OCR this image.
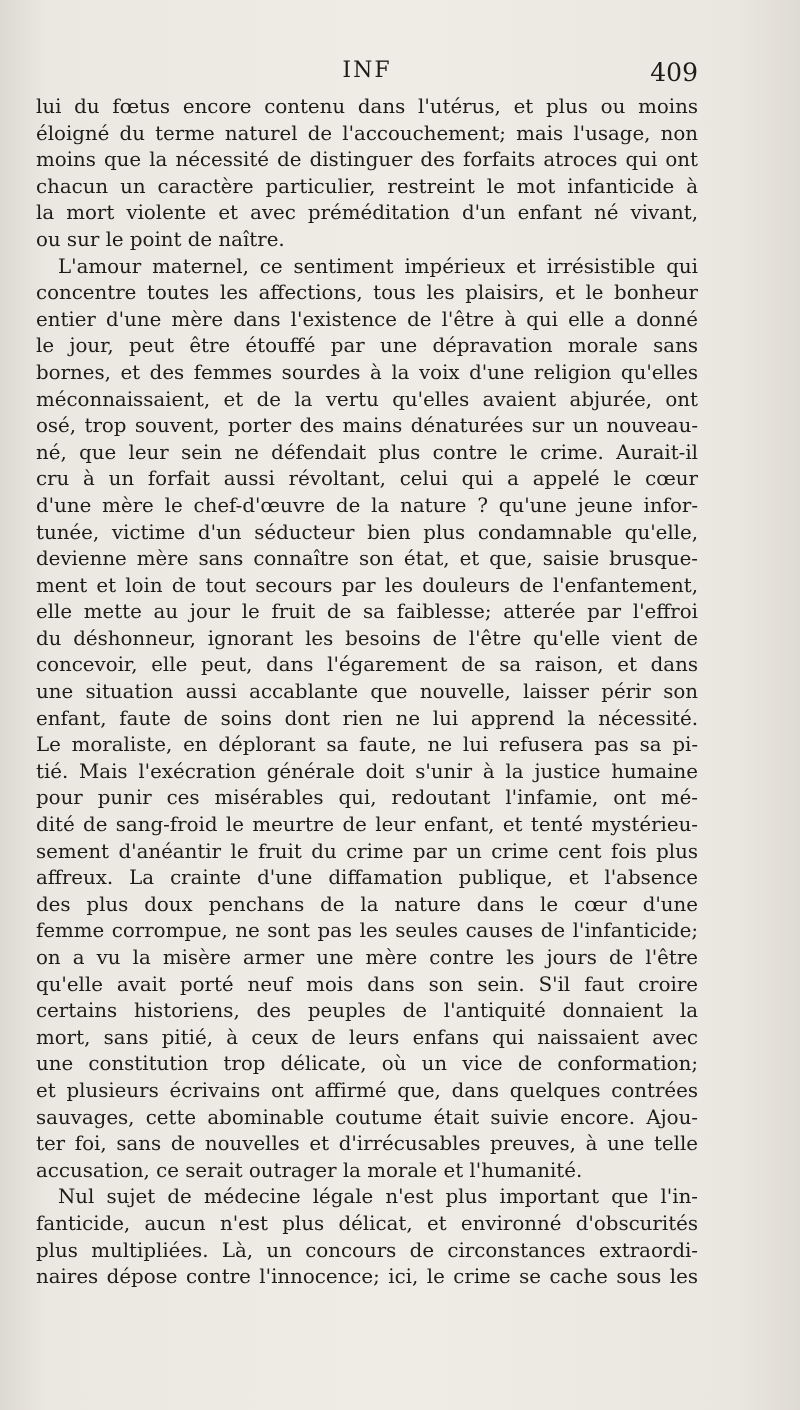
INF	409
lui du fœtus encore contenu dans l'utérus, et plus ou moins
éloigné du terme naturel de l'accouchement; mais l'usage, non
moins que la nécessité de distinguer des forfaits atroces qui ont
chacun un caractère particulier, restreint le mot infanticide à
la mort violente et avec préméditation d'un enfant né vivant,
ou sur le point de naître.
L'amour maternel, ce sentiment impérieux et irrésistible qui
concentre toutes les affections, tous les plaisirs, et le bonheur
entier d'une mère dans l'existence de l'être à qui elle a donné
le jour, peut être étouffé par une dépravation morale sans
bornes, et des femmes sourdes à la voix d'une religion qu'elles
méconnaissaient, et de la vertu qu'elles avaient abjurée, ont
osé, trop souvent, porter des mains dénaturées sur un nouveau-
né, que leur sein ne défendait plus contre le crime. Aurait-il
cru à un forfait aussi révoltant, celui qui a appelé le cœur
d'une mère le chef-d'œuvre de la nature ? qu'une jeune infor-
tunée, victime d'un séducteur bien plus condamnable qu'elle,
devienne mère sans connaître son état, et que, saisie brusque-
ment et loin de tout secours par les douleurs de l'enfantement,
elle mette au jour le fruit de sa faiblesse; atterée par l'effroi
du déshonneur, ignorant les besoins de l'être qu'elle vient de
concevoir, elle peut, dans l'égarement de sa raison, et dans
une situation aussi accablante que nouvelle, laisser périr son
enfant, faute de soins dont rien ne lui apprend la nécessité.
Le moraliste, en déplorant sa faute, ne lui refusera pas sa pi-
tié. Mais l'exécration générale doit s'unir à la justice humaine
pour punir ces misérables qui, redoutant l'infamie, ont mé-
dité de sang-froid le meurtre de leur enfant, et tenté mystérieu-
sement d'anéantir le fruit du crime par un crime cent fois plus
affreux. La crainte d'une diffamation publique, et l'absence
des plus doux penchans de la nature dans le cœur d'une
femme corrompue, ne sont pas les seules causes de l'infanticide;
on a vu la misère armer une mère contre les jours de l'être
qu'elle avait porté neuf mois dans son sein. S'il faut croire
certains historiens, des peuples de l'antiquité donnaient la
mort, sans pitié, à ceux de leurs enfans qui naissaient avec
une constitution trop délicate, où un vice de conformation;
et plusieurs écrivains ont affirmé que, dans quelques contrées
sauvages, cette abominable coutume était suivie encore. Ajou-
ter foi, sans de nouvelles et d'irrécusables preuves, à une telle
accusation, ce serait outrager la morale et l'humanité.
Nul sujet de médecine légale n'est plus important que l'in-
fanticide, aucun n'est plus délicat, et environné d'obscurités
plus multipliées. Là, un concours de circonstances extraordi-
naires dépose contre l'innocence; ici, le crime se cache sous les
